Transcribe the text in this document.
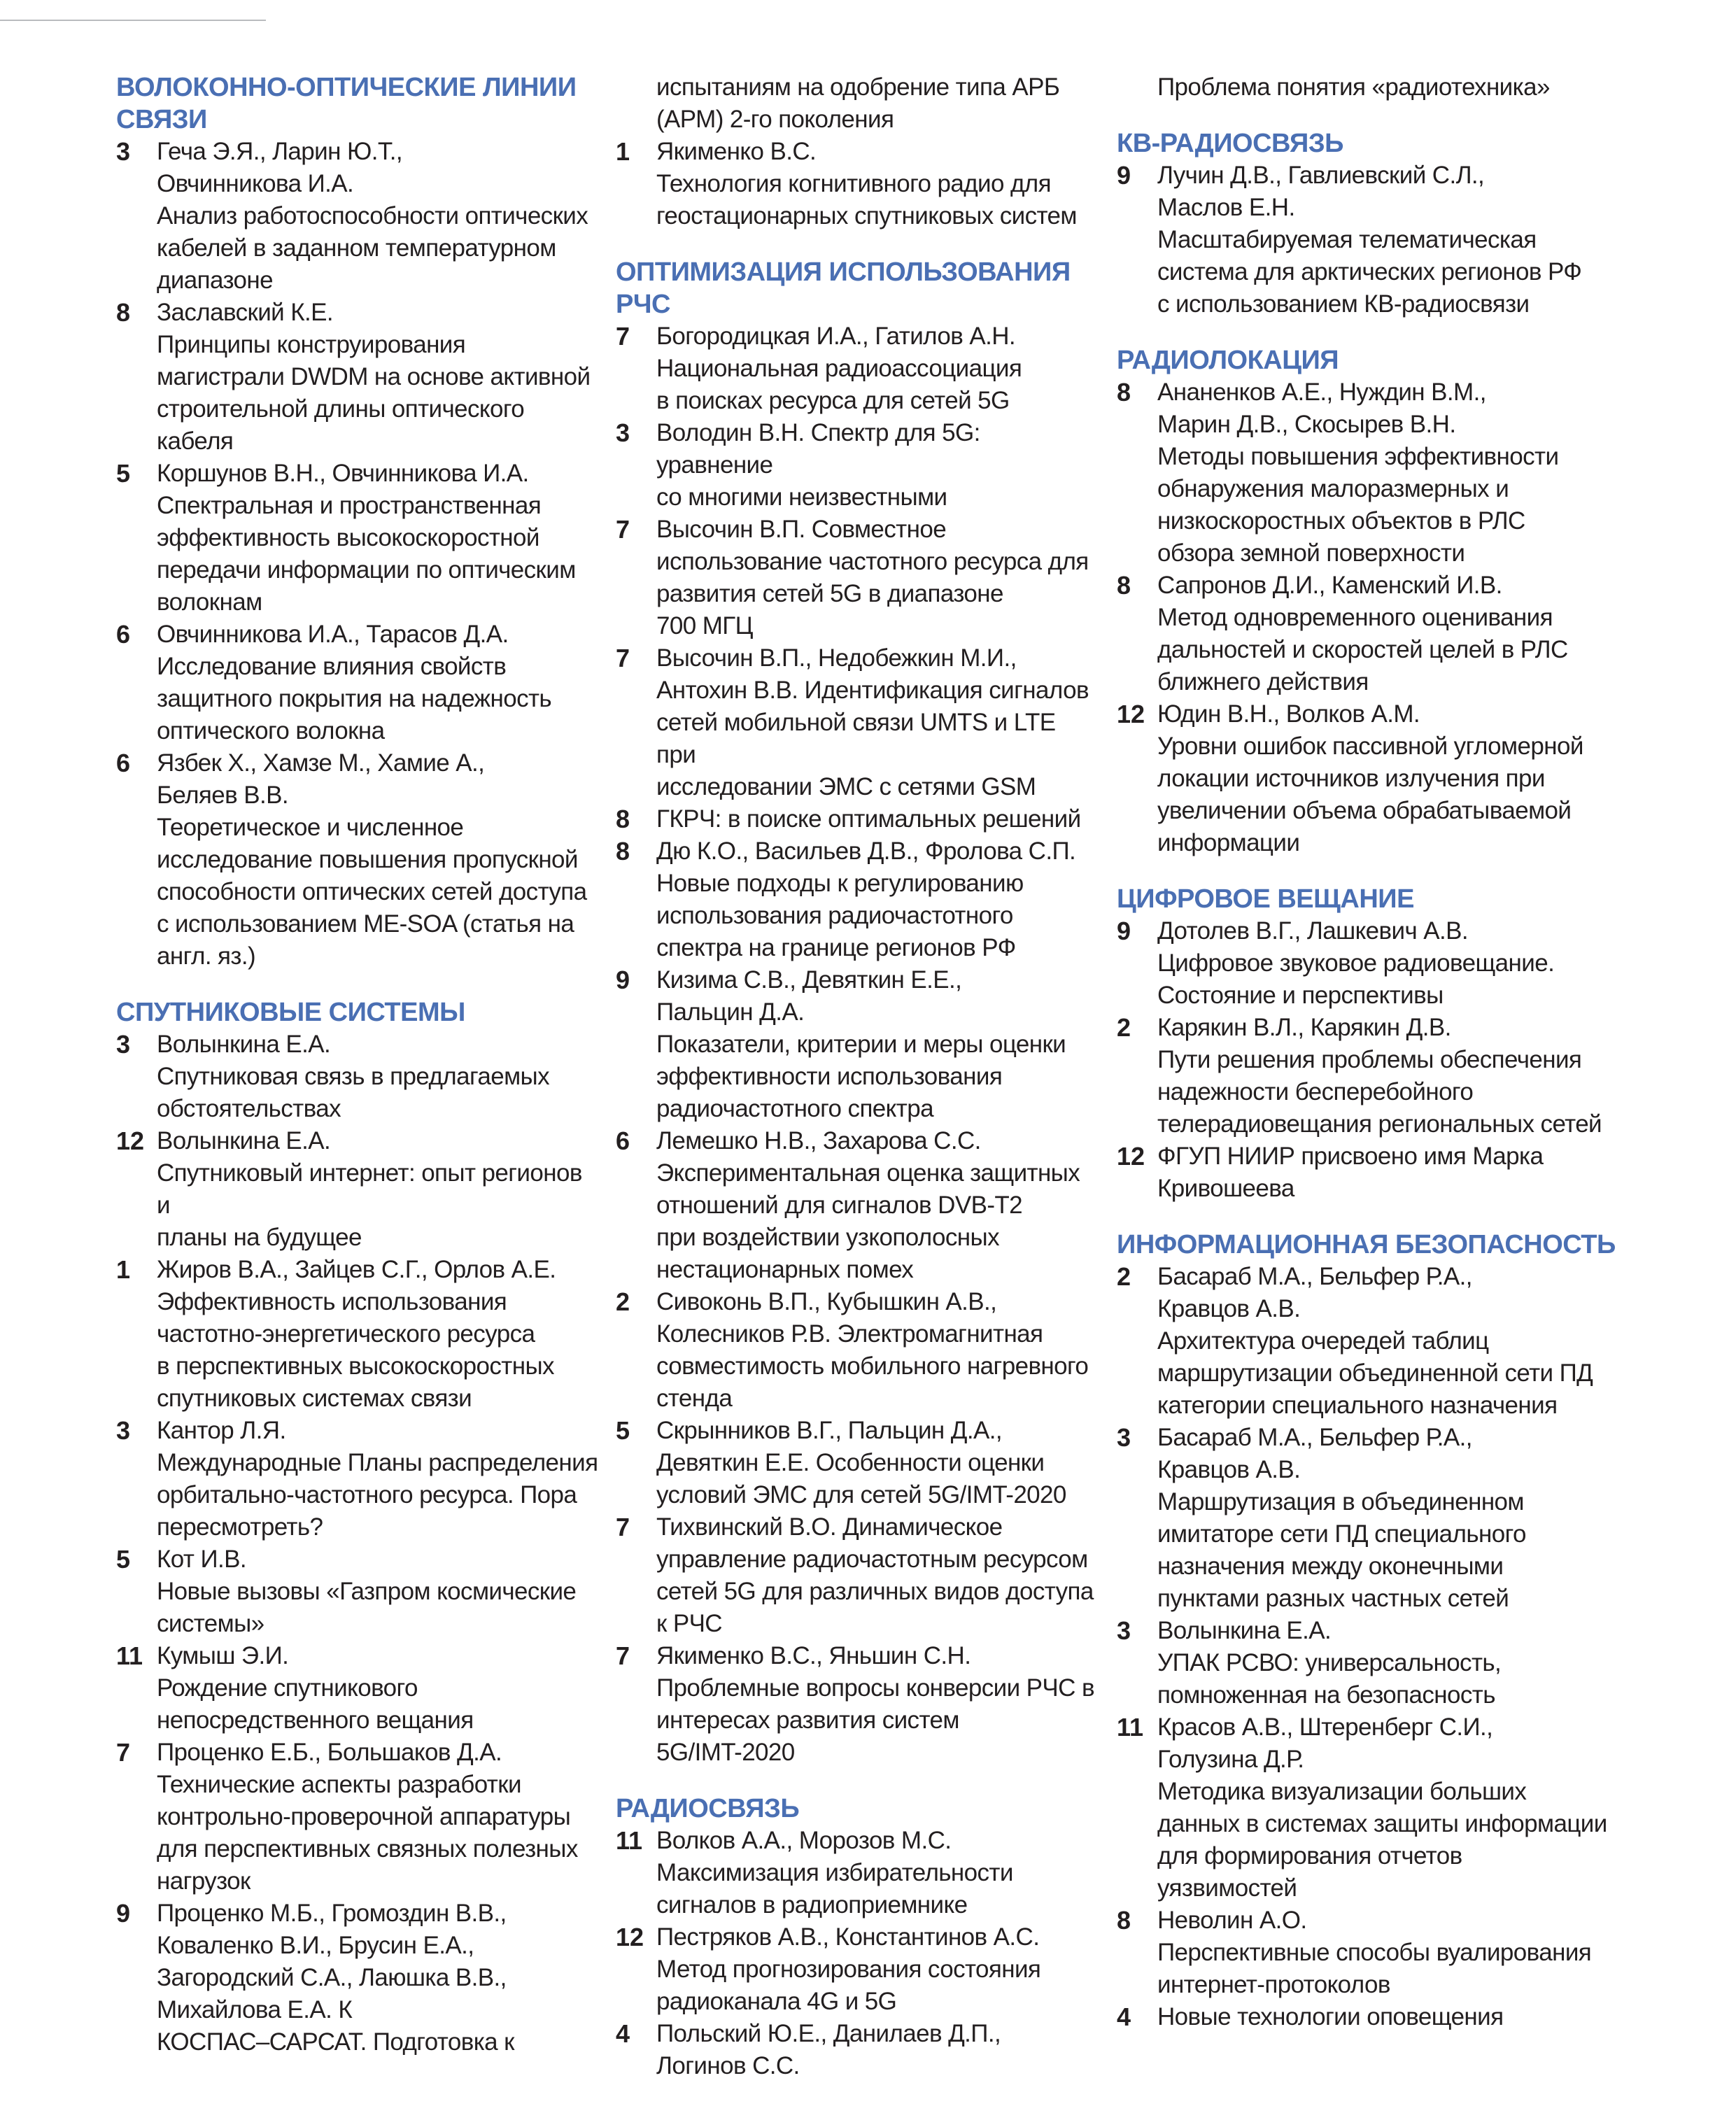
ВОЛОКОННО-ОПТИЧЕСКИЕ ЛИНИИ
СВЯЗИ
3	Геча Э.Я., Ларин Ю.Т.,
Овчинникова И.А.
Анализ работоспособности оптических
кабелей в заданном температурном
диапазоне
8	Заславский К.Е.
Принципы конструирования
магистрали DWDM на основе активной
строительной длины оптического
кабеля
5	Коршунов В.Н., Овчинникова И.А.
Спектральная и пространственная
эффективность высокоскоростной
передачи информации по оптическим
волокнам
6	Овчинникова И.А., Тарасов Д.А.
Исследование влияния свойств
защитного покрытия на надежность
оптического волокна
6	Язбек Х., Хамзе М., Хамие А.,
Беляев В.В.
Теоретическое и численное
исследование повышения пропускной
способности оптических сетей доступа
с использованием ME-SOA (статья на
англ. яз.)
СПУТНИКОВЫЕ СИСТЕМЫ
3	Волынкина Е.А.
Спутниковая связь в предлагаемых
обстоятельствах
12 Волынкина Е.А.
Спутниковый интернет: опыт регионов и
планы на будущее
1	Жиров В.А., Зайцев С.Г., Орлов А.Е.
Эффективность использования
частотно-энергетического ресурса
в перспективных высокоскоростных
спутниковых системах связи
3	Кантор Л.Я.
Международные Планы распределения
орбитально-частотного ресурса. Пора
пересмотреть?
5	Кот И.В.
Новые вызовы «Газпром космические
системы»
11 Кумыш Э.И.
Рождение спутникового
непосредственного вещания
7	Проценко Е.Б., Большаков Д.А.
Технические аспекты разработки
контрольно-проверочной аппаратуры
для перспективных связных полезных
нагрузок
9	Проценко М.Б., Громоздин В.В.,
Коваленко В.И., Брусин Е.А.,
Загородский С.А., Лаюшка В.В.,
Михайлова Е.А. К
КОСПАС–САРСАТ. Подготовка к
испытаниям на одобрение типа АРБ
(АРМ) 2-го поколения
1	Якименко В.С.
Технология когнитивного радио для
геостационарных спутниковых систем
ОПТИМИЗАЦИЯ ИСПОЛЬЗОВАНИЯ
РЧС
7	Богородицкая И.А., Гатилов А.Н.
Национальная радиоассоциация
в поисках ресурса для сетей 5G
3	Володин В.Н. Спектр для 5G: уравнение
со многими неизвестными
7	Высочин В.П. Совместное
использование частотного ресурса для
развития сетей 5G в диапазоне
700 МГЦ
7	Высочин В.П., Недобежкин М.И.,
Антохин В.В. Идентификация сигналов
сетей мобильной связи UMTS и LTE при
исследовании ЭМС с сетями GSM
8	ГКРЧ: в поиске оптимальных решений
8	Дю К.О., Васильев Д.В., Фролова С.П.
Новые подходы к регулированию
использования радиочастотного
спектра на границе регионов РФ
9	Кизима С.В., Девяткин Е.Е.,
Пальцин Д.А.
Показатели, критерии и меры оценки
эффективности использования
радиочастотного спектра
6	Лемешко Н.В., Захарова С.С.
Экспериментальная оценка защитных
отношений для сигналов DVB-T2
при воздействии узкополосных
нестационарных помех
2	Сивоконь В.П., Кубышкин А.В.,
Колесников Р.В. Электромагнитная
совместимость мобильного нагревного
стенда
5	Скрынников В.Г., Пальцин Д.А.,
Девяткин Е.Е. Особенности оценки
условий ЭМС для сетей 5G/IMT-2020
7	Тихвинский В.О. Динамическое
управление радиочастотным ресурсом
сетей 5G для различных видов доступа
к РЧС
7	Якименко В.С., Яньшин С.Н.
Проблемные вопросы конверсии РЧС в
интересах развития систем
5G/IMT-2020
РАДИОСВЯЗЬ
11 Волков А.А., Морозов М.С.
Максимизация избирательности
сигналов в радиоприемнике
12 Пестряков А.В., Константинов А.С.
Метод прогнозирования состояния
радиоканала 4G и 5G
4	Польский Ю.Е., Данилаев Д.П.,
Логинов С.С.
Проблема понятия «радиотехника»
КВ-РАДИОСВЯЗЬ
9	Лучин Д.В., Гавлиевский С.Л.,
Маслов Е.Н.
Масштабируемая телематическая
система для арктических регионов РФ
с использованием КВ-радиосвязи
РАДИОЛОКАЦИЯ
8	Ананенков А.Е., Нуждин В.М.,
Марин Д.В., Скосырев В.Н.
Методы повышения эффективности
обнаружения малоразмерных и
низкоскоростных объектов в РЛС
обзора земной поверхности
8	Сапронов Д.И., Каменский И.В.
Метод одновременного оценивания
дальностей и скоростей целей в РЛС
ближнего действия
12 Юдин В.Н., Волков А.М.
Уровни ошибок пассивной угломерной
локации источников излучения при
увеличении объема обрабатываемой
информации
ЦИФРОВОЕ ВЕЩАНИЕ
9	Дотолев В.Г., Лашкевич А.В.
Цифровое звуковое радиовещание.
Состояние и перспективы
2	Карякин В.Л., Карякин Д.В.
Пути решения проблемы обеспечения
надежности бесперебойного
телерадиовещания региональных сетей
12 ФГУП НИИР присвоено имя Марка
Кривошеева
ИНФОРМАЦИОННАЯ БЕЗОПАСНОСТЬ
2	Басараб М.А., Бельфер Р.А.,
Кравцов А.В.
Архитектура очередей таблиц
маршрутизации объединенной сети ПД
категории специального назначения
3	Басараб М.А., Бельфер Р.А.,
Кравцов А.В.
Маршрутизация в объединенном
имитаторе сети ПД специального
назначения между оконечными
пунктами разных частных сетей
3	Волынкина Е.А.
УПАК РСВО: универсальность,
помноженная на безопасность
11 Красов А.В., Штеренберг С.И.,
Голузина Д.Р.
Методика визуализации больших
данных в системах защиты информации
для формирования отчетов
уязвимостей
8	Неволин А.О.
Перспективные способы вуалирования
интернет-протоколов
4	Новые технологии оповещения
